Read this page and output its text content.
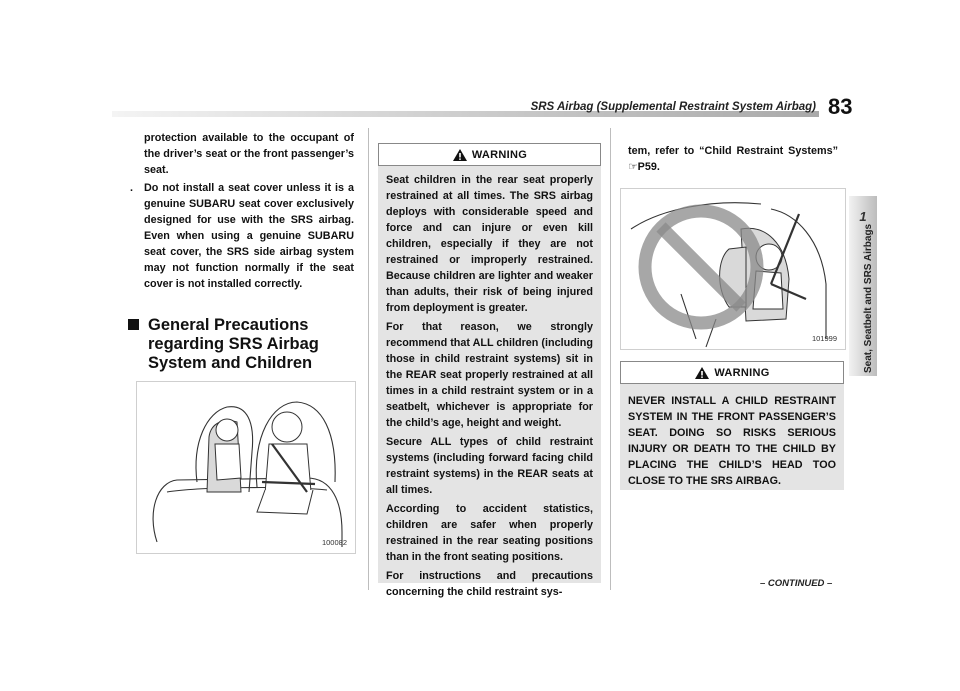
SRS Airbag (Supplemental Restraint System Airbag) 83
1
Seat, Seatbelt and SRS Airbags

protection available to the occupant of the driver’s seat or the front passenger’s seat.

. Do not install a seat cover unless it is a genuine SUBARU seat cover exclusively designed for use with the SRS airbag. Even when using a genuine SUBARU seat cover, the SRS side airbag system may not function normally if the seat cover is not installed correctly.

General Precautions regarding SRS Airbag System and Children
100082
WARNING

Seat children in the rear seat properly restrained at all times. The SRS airbag deploys with considerable speed and force and can injure or even kill children, especially if they are not restrained or improperly restrained. Because children are lighter and weaker than adults, their risk of being injured from deployment is greater.

For that reason, we strongly recommend that ALL children (including those in child restraint systems) sit in the REAR seat properly restrained at all times in a child restraint system or in a seatbelt, whichever is appropriate for the child’s age, height and weight.

Secure ALL types of child restraint systems (including forward facing child restraint systems) in the REAR seats at all times.

According to accident statistics, children are safer when properly restrained in the rear seating positions than in the front seating positions.

For instructions and precautions concerning the child restraint sys-

tem, refer to “Child Restraint Systems” ☞P59.

101999
WARNING

NEVER INSTALL A CHILD RESTRAINT SYSTEM IN THE FRONT PASSENGER’S SEAT. DOING SO RISKS SERIOUS INJURY OR DEATH TO THE CHILD BY PLACING THE CHILD’S HEAD TOO CLOSE TO THE SRS AIRBAG.

– CONTINUED –
